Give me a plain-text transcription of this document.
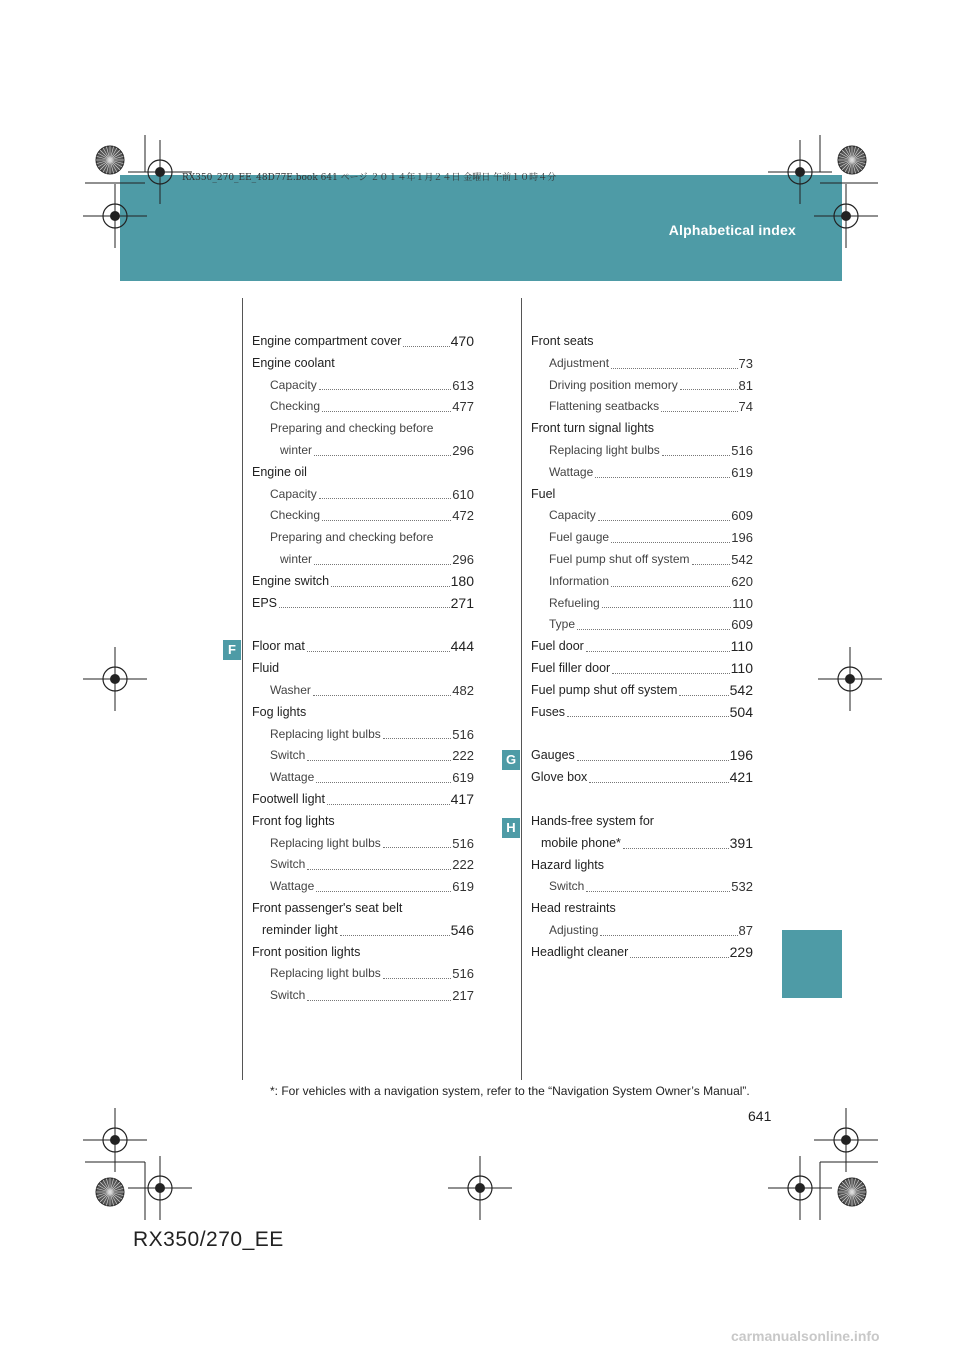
Alphabetical index
RX350_270_EE_48D77E.book 641 ページ ２０１４年１月２４日 金曜日 午前１０時４分
F
G
H
Engine compartment cover	470
Engine coolant
Capacity	613
Checking	477
Preparing and checking before
winter	296
Engine oil
Capacity	610
Checking	472
Preparing and checking before
winter	296
Engine switch	180
EPS	271
Floor mat	444
Fluid
Washer	482
Fog lights
Replacing light bulbs	516
Switch	222
Wattage	619
Footwell light	417
Front fog lights
Replacing light bulbs	516
Switch	222
Wattage	619
Front passenger's seat belt
reminder light	546
Front position lights
Replacing light bulbs	516
Switch	217
Front seats
Adjustment	73
Driving position memory	81
Flattening seatbacks	74
Front turn signal lights
Replacing light bulbs	516
Wattage	619
Fuel
Capacity	609
Fuel gauge	196
Fuel pump shut off system	542
Information	620
Refueling	110
Type	609
Fuel door	110
Fuel filler door	110
Fuel pump shut off system	542
Fuses	504
Gauges	196
Glove box	421
Hands-free system for
mobile phone*	391
Hazard lights
Switch	532
Head restraints
Adjusting	87
Headlight cleaner	229
*: For vehicles with a navigation system, refer to the “Navigation System Owner’s Manual”.
641
RX350/270_EE
carmanualsonline.info
